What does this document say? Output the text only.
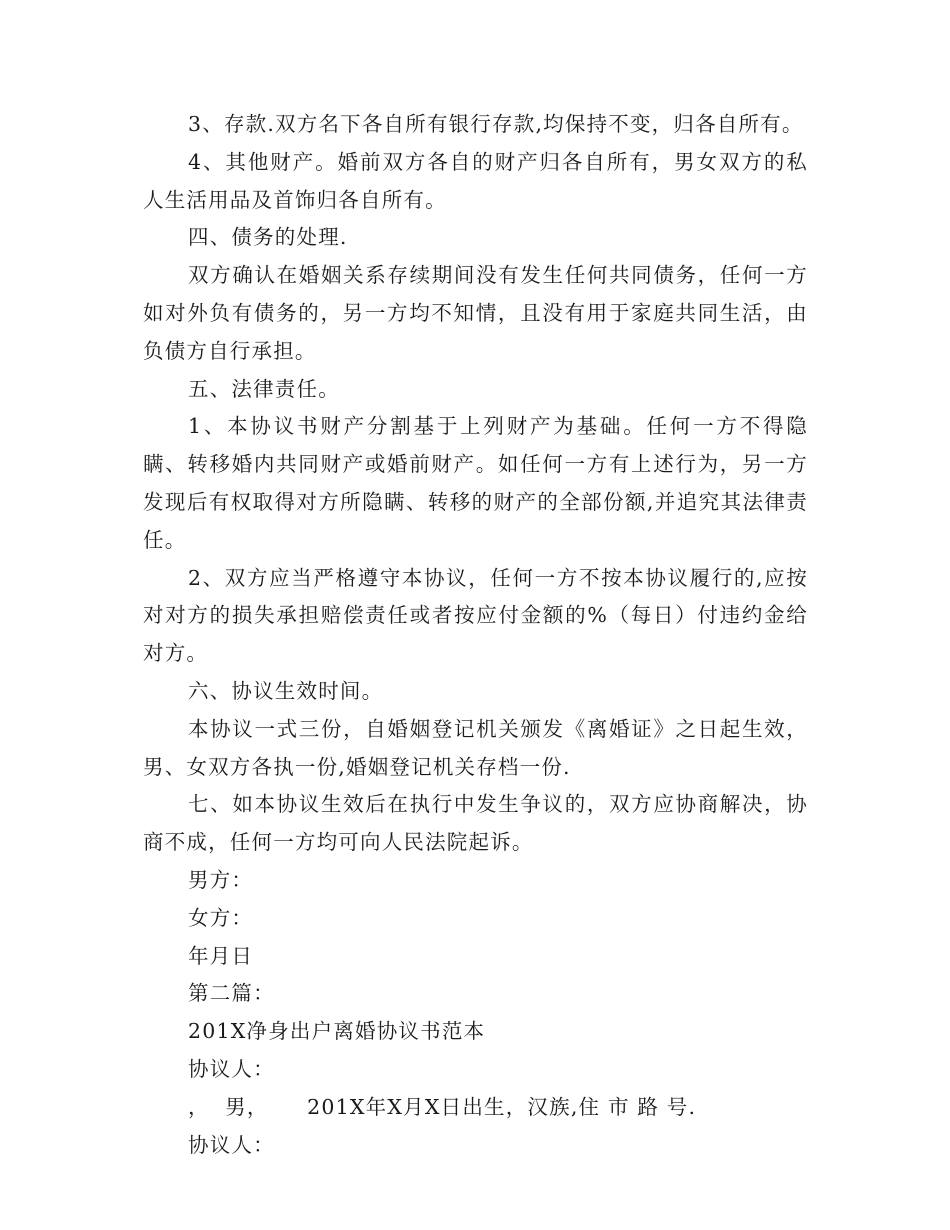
3、存款.双方名下各自所有银行存款,均保持不变，归各自所有。

4、其他财产。婚前双方各自的财产归各自所有，男女双方的私人生活用品及首饰归各自所有。

四、债务的处理.

双方确认在婚姻关系存续期间没有发生任何共同债务，任何一方如对外负有债务的，另一方均不知情，且没有用于家庭共同生活，由负债方自行承担。

五、法律责任。

1、本协议书财产分割基于上列财产为基础。任何一方不得隐瞒、转移婚内共同财产或婚前财产。如任何一方有上述行为，另一方发现后有权取得对方所隐瞒、转移的财产的全部份额,并追究其法律责任。

2、双方应当严格遵守本协议，任何一方不按本协议履行的,应按对对方的损失承担赔偿责任或者按应付金额的%（每日）付违约金给对方。

六、协议生效时间。

本协议一式三份，自婚姻登记机关颁发《离婚证》之日起生效，男、女双方各执一份,婚姻登记机关存档一份.

七、如本协议生效后在执行中发生争议的，双方应协商解决，协商不成，任何一方均可向人民法院起诉。

男方：

女方：

年月日

第二篇：

201X净身出户离婚协议书范本

协议人：

，  男，     201X年X月X日出生，汉族,住 市 路 号.

协议人：
